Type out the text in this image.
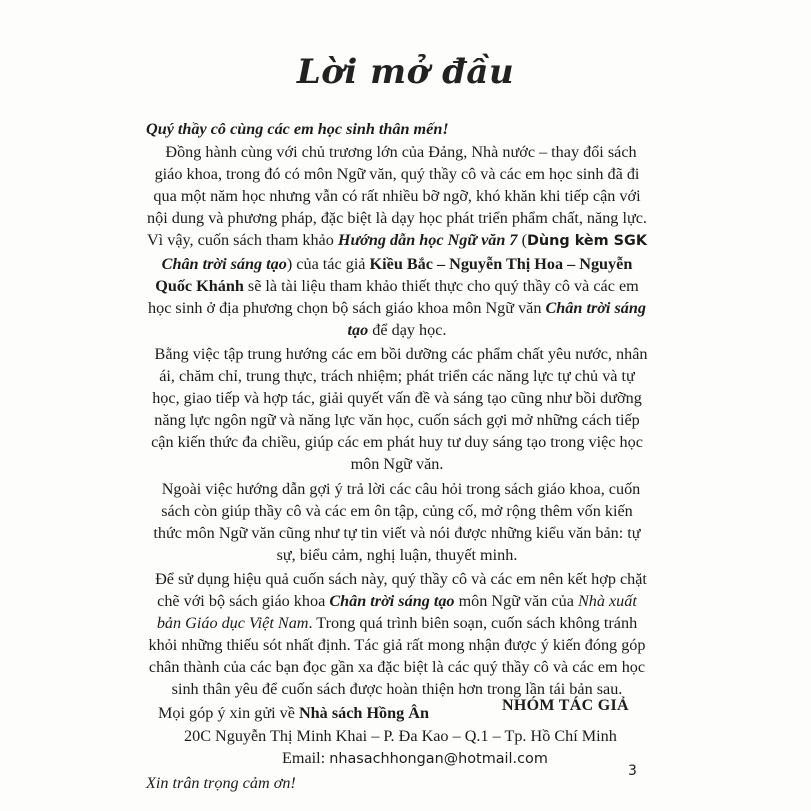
Lời mở đầu

Quý thầy cô cùng các em học sinh thân mến!

Đồng hành cùng với chủ trương lớn của Đảng, Nhà nước – thay đổi sách giáo khoa, trong đó có môn Ngữ văn, quý thầy cô và các em học sinh đã đi qua một năm học nhưng vẫn có rất nhiều bỡ ngỡ, khó khăn khi tiếp cận với nội dung và phương pháp, đặc biệt là dạy học phát triển phẩm chất, năng lực. Vì vậy, cuốn sách tham khảo Hướng dẫn học Ngữ văn 7 (Dùng kèm SGK Chân trời sáng tạo) của tác giả Kiều Bắc – Nguyễn Thị Hoa – Nguyễn Quốc Khánh sẽ là tài liệu tham khảo thiết thực cho quý thầy cô và các em học sinh ở địa phương chọn bộ sách giáo khoa môn Ngữ văn Chân trời sáng tạo để dạy học.

Bằng việc tập trung hướng các em bồi dưỡng các phẩm chất yêu nước, nhân ái, chăm chỉ, trung thực, trách nhiệm; phát triển các năng lực tự chủ và tự học, giao tiếp và hợp tác, giải quyết vấn đề và sáng tạo cũng như bồi dưỡng năng lực ngôn ngữ và năng lực văn học, cuốn sách gợi mở những cách tiếp cận kiến thức đa chiều, giúp các em phát huy tư duy sáng tạo trong việc học môn Ngữ văn.

Ngoài việc hướng dẫn gợi ý trả lời các câu hỏi trong sách giáo khoa, cuốn sách còn giúp thầy cô và các em ôn tập, củng cố, mở rộng thêm vốn kiến thức môn Ngữ văn cũng như tự tin viết và nói được những kiểu văn bản: tự sự, biểu cảm, nghị luận, thuyết minh.

Để sử dụng hiệu quả cuốn sách này, quý thầy cô và các em nên kết hợp chặt chẽ với bộ sách giáo khoa Chân trời sáng tạo môn Ngữ văn của Nhà xuất bản Giáo dục Việt Nam. Trong quá trình biên soạn, cuốn sách không tránh khỏi những thiếu sót nhất định. Tác giả rất mong nhận được ý kiến đóng góp chân thành của các bạn đọc gần xa đặc biệt là các quý thầy cô và các em học sinh thân yêu để cuốn sách được hoàn thiện hơn trong lần tái bản sau.

Mọi góp ý xin gửi về Nhà sách Hồng Ân

20C Nguyễn Thị Minh Khai – P. Đa Kao – Q.1 – Tp. Hồ Chí Minh

Email: nhasachhongan@hotmail.com

Xin trân trọng cảm ơn!

NHÓM TÁC GIẢ
3
